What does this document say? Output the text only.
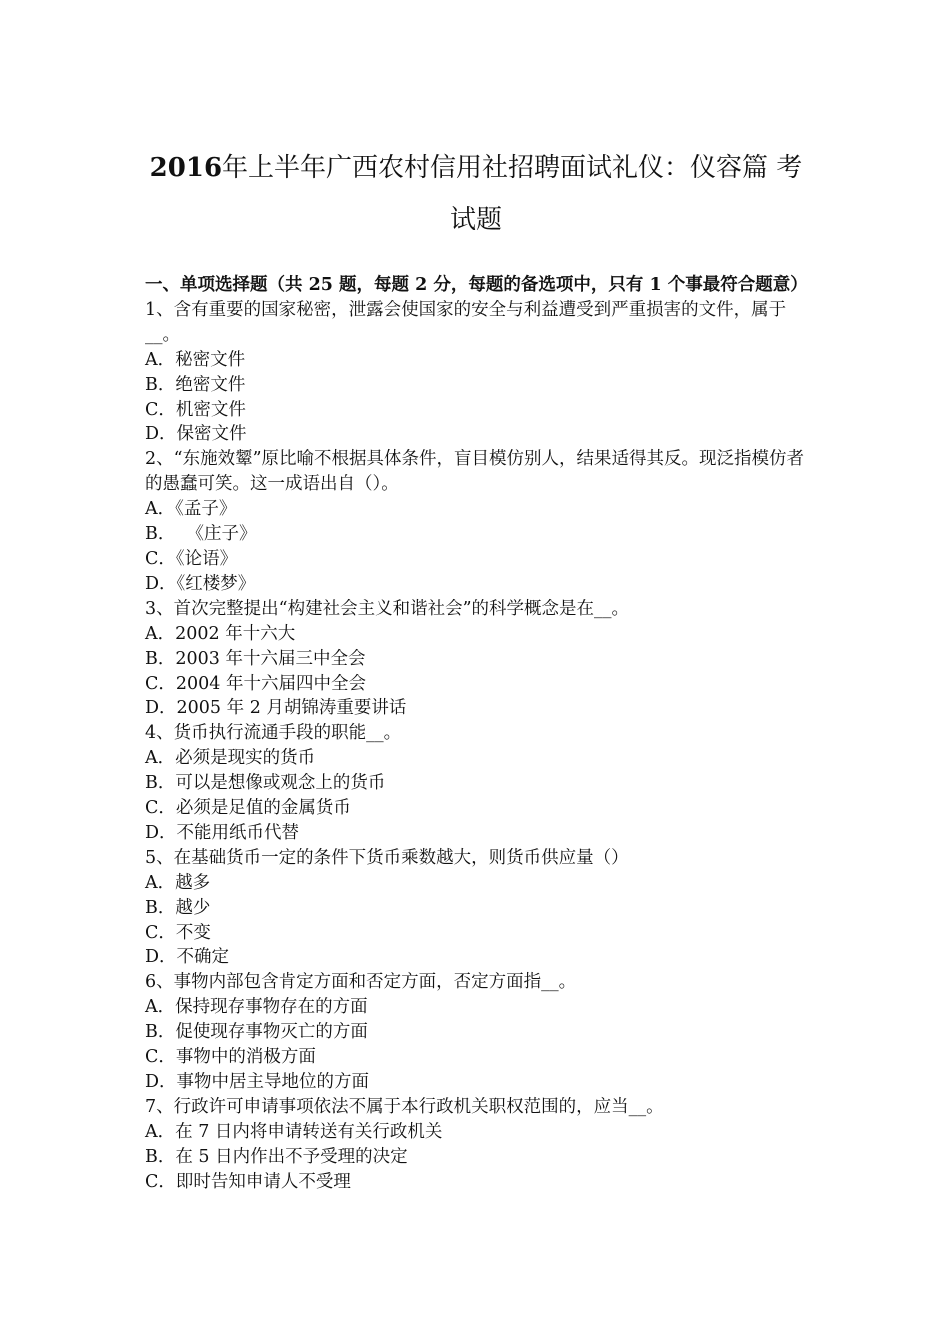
2016年上半年广西农村信用社招聘面试礼仪：仪容篇 考试题

一、单项选择题（共 25 题，每题 2 分，每题的备选项中，只有 1 个事最符合题意）

1、含有重要的国家秘密，泄露会使国家的安全与利益遭受到严重损害的文件，属于__。

A．秘密文件

B．绝密文件

C．机密文件

D．保密文件

2、“东施效颦”原比喻不根据具体条件，盲目模仿别人，结果适得其反。现泛指模仿者的愚蠢可笑。这一成语出自（）。

A．《孟子》

B．  《庄子》

C．《论语》

D．《红楼梦》

3、首次完整提出“构建社会主义和谐社会”的科学概念是在__。

A．2002 年十六大

B．2003 年十六届三中全会

C．2004 年十六届四中全会

D．2005 年 2 月胡锦涛重要讲话

4、货币执行流通手段的职能__。

A．必须是现实的货币

B．可以是想像或观念上的货币

C．必须是足值的金属货币

D．不能用纸币代替

5、在基础货币一定的条件下货币乘数越大，则货币供应量（）

A．越多

B．越少

C．不变

D．不确定

6、事物内部包含肯定方面和否定方面，否定方面指__。

A．保持现存事物存在的方面

B．促使现存事物灭亡的方面

C．事物中的消极方面

D．事物中居主导地位的方面

7、行政许可申请事项依法不属于本行政机关职权范围的，应当__。

A．在 7 日内将申请转送有关行政机关

B．在 5 日内作出不予受理的决定

C．即时告知申请人不受理
